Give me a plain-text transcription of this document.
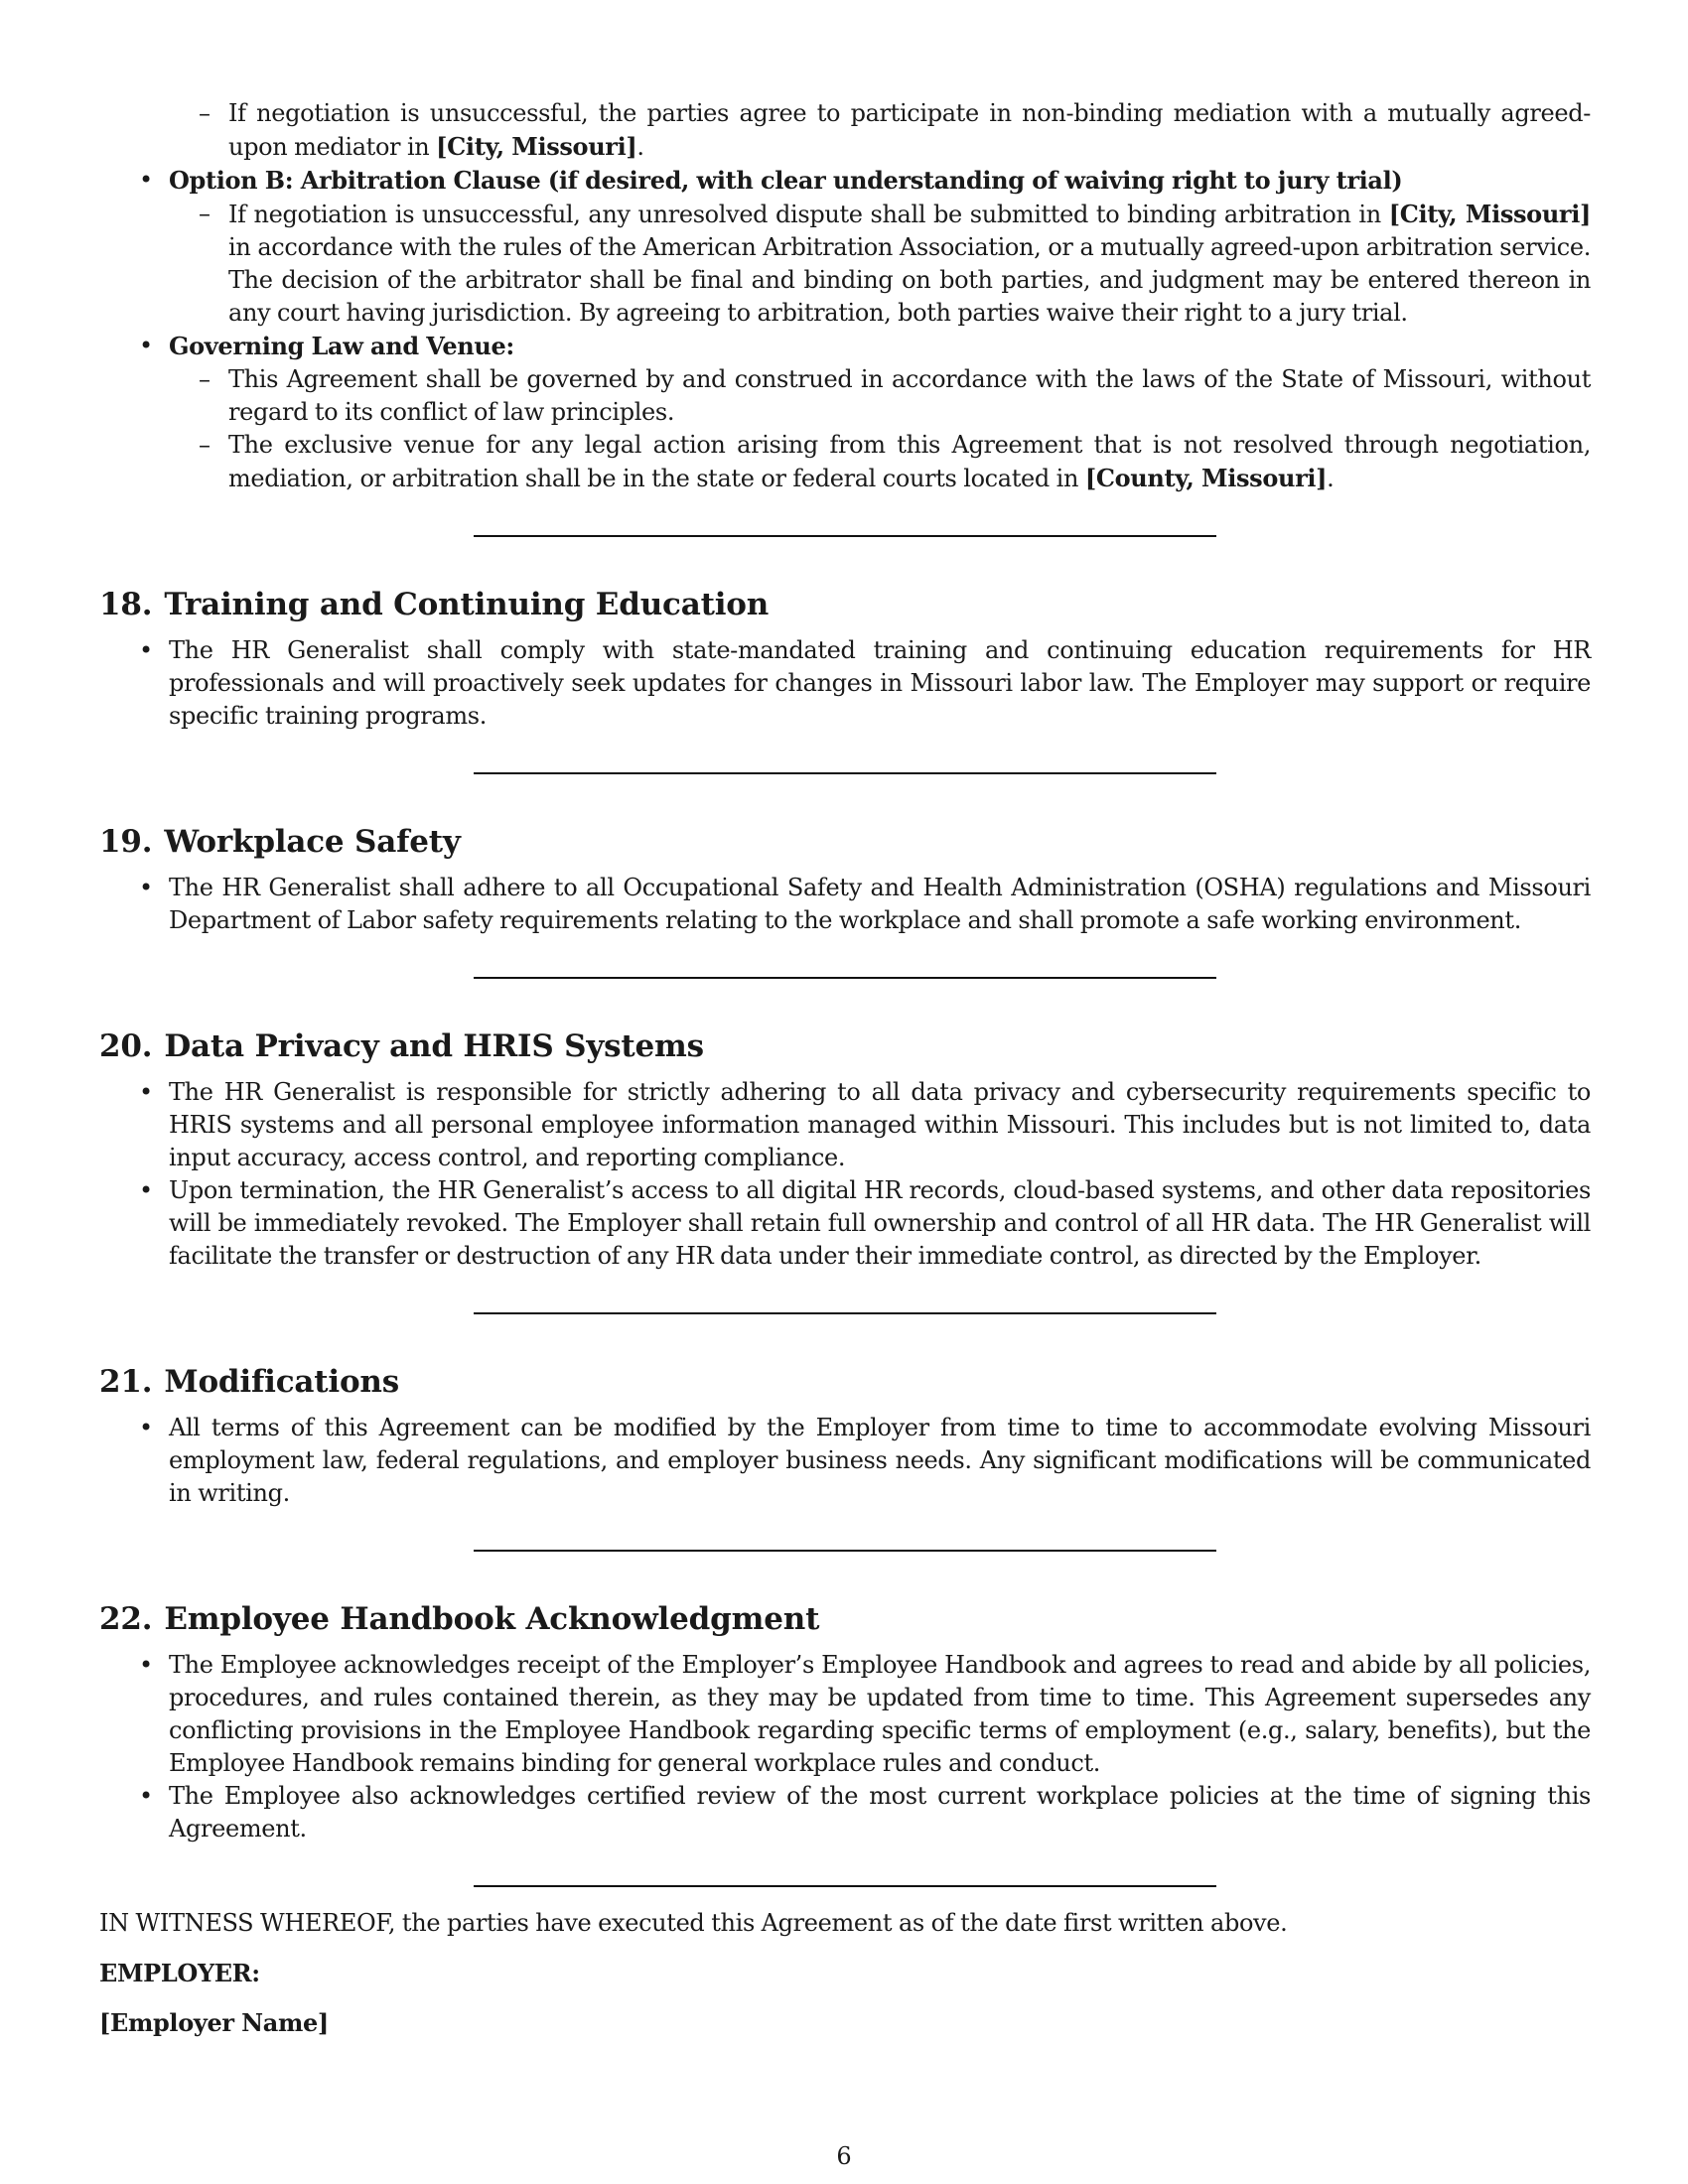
– If negotiation is unsuccessful, the parties agree to participate in non-binding mediation with a mutually agreed-upon mediator in [City, Missouri].
• Option B: Arbitration Clause (if desired, with clear understanding of waiving right to jury trial)
– If negotiation is unsuccessful, any unresolved dispute shall be submitted to binding arbitration in [City, Missouri] in accordance with the rules of the American Arbitration Association, or a mutually agreed-upon arbitration service. The decision of the arbitrator shall be final and binding on both parties, and judgment may be entered thereon in any court having jurisdiction. By agreeing to arbitration, both parties waive their right to a jury trial.
• Governing Law and Venue:
– This Agreement shall be governed by and construed in accordance with the laws of the State of Missouri, without regard to its conflict of law principles.
– The exclusive venue for any legal action arising from this Agreement that is not resolved through negotiation, mediation, or arbitration shall be in the state or federal courts located in [County, Missouri].
18. Training and Continuing Education
• The HR Generalist shall comply with state-mandated training and continuing education requirements for HR professionals and will proactively seek updates for changes in Missouri labor law. The Employer may support or require specific training programs.
19. Workplace Safety
• The HR Generalist shall adhere to all Occupational Safety and Health Administration (OSHA) regulations and Missouri Department of Labor safety requirements relating to the workplace and shall promote a safe working environment.
20. Data Privacy and HRIS Systems
• The HR Generalist is responsible for strictly adhering to all data privacy and cybersecurity requirements specific to HRIS systems and all personal employee information managed within Missouri. This includes but is not limited to, data input accuracy, access control, and reporting compliance.
• Upon termination, the HR Generalist’s access to all digital HR records, cloud-based systems, and other data repositories will be immediately revoked. The Employer shall retain full ownership and control of all HR data. The HR Generalist will facilitate the transfer or destruction of any HR data under their immediate control, as directed by the Employer.
21. Modifications
• All terms of this Agreement can be modified by the Employer from time to time to accommodate evolving Missouri employment law, federal regulations, and employer business needs. Any significant modifications will be communicated in writing.
22. Employee Handbook Acknowledgment
• The Employee acknowledges receipt of the Employer’s Employee Handbook and agrees to read and abide by all policies, procedures, and rules contained therein, as they may be updated from time to time. This Agreement supersedes any conflicting provisions in the Employee Handbook regarding specific terms of employment (e.g., salary, benefits), but the Employee Handbook remains binding for general workplace rules and conduct.
• The Employee also acknowledges certified review of the most current workplace policies at the time of signing this Agreement.

IN WITNESS WHEREOF, the parties have executed this Agreement as of the date first written above.

EMPLOYER:

[Employer Name]

6
